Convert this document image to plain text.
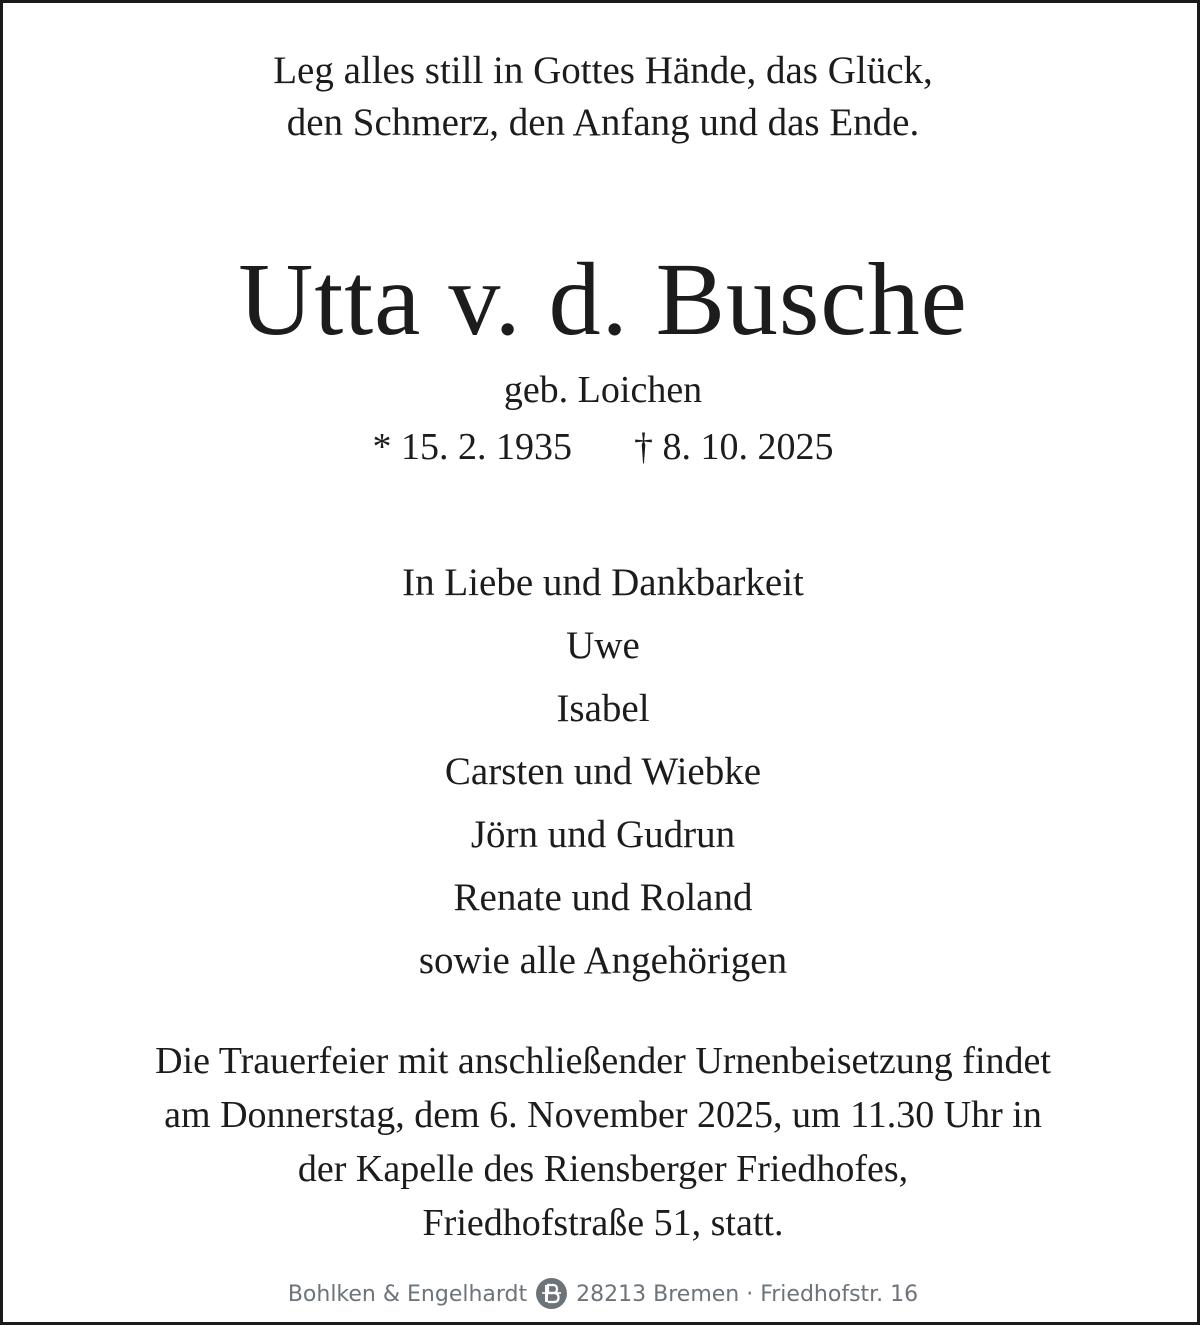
Leg alles still in Gottes Hände, das Glück,
den Schmerz, den Anfang und das Ende.
Utta v. d. Busche
geb. Loichen
* 15. 2. 1935 † 8. 10. 2025
In Liebe und Dankbarkeit
Uwe
Isabel
Carsten und Wiebke
Jörn und Gudrun
Renate und Roland
sowie alle Angehörigen
Die Trauerfeier mit anschließender Urnenbeisetzung findet
am Donnerstag, dem 6. November 2025, um 11.30 Uhr in
der Kapelle des Riensberger Friedhofes,
Friedhofstraße 51, statt.
Bohlken & Engelhardt 28213 Bremen · Friedhofstr. 16
